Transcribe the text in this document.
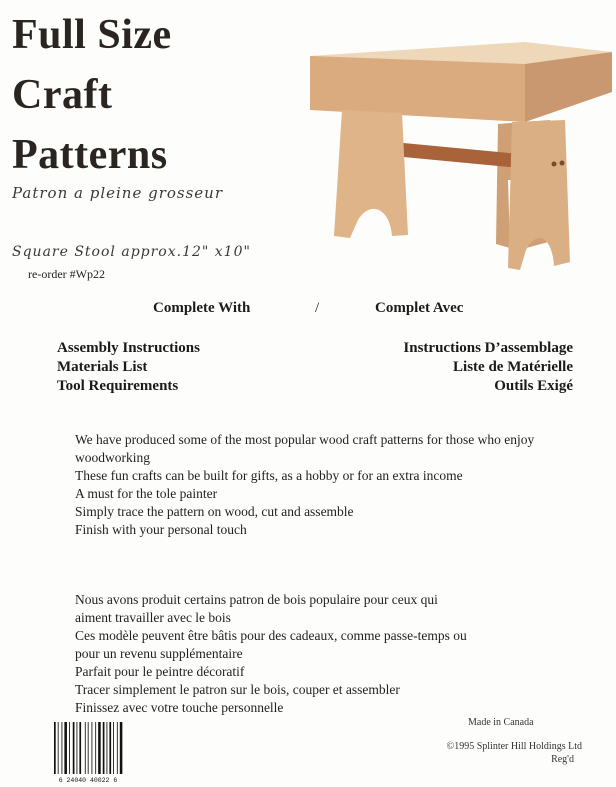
Full Size
Craft
Patterns
Patron a pleine grosseur
Square Stool approx.12" x10"
re-order #Wp22
Complete With	/	Complet Avec
Assembly Instructions
Materials List
Tool Requirements
Instructions D’assemblage
Liste de Matérielle
Outils Exigé
We have produced some of the most popular wood craft patterns for those who enjoy woodworking
These fun crafts can be built for gifts, as a hobby or for an extra income
A must for the tole painter
Simply trace the pattern on wood, cut and assemble
Finish with your personal touch
Nous avons produit certains patron de bois populaire pour ceux qui
aiment travailler avec le bois
Ces modèle peuvent être bâtis pour des cadeaux, comme passe-temps ou
pour un revenu supplémentaire
Parfait pour le peintre décoratif
Tracer simplement le patron sur le bois, couper et assembler
Finissez avec votre touche personnelle
6 24040 40022 6
Made in Canada
©1995 Splinter Hill Holdings Ltd
Reg'd
